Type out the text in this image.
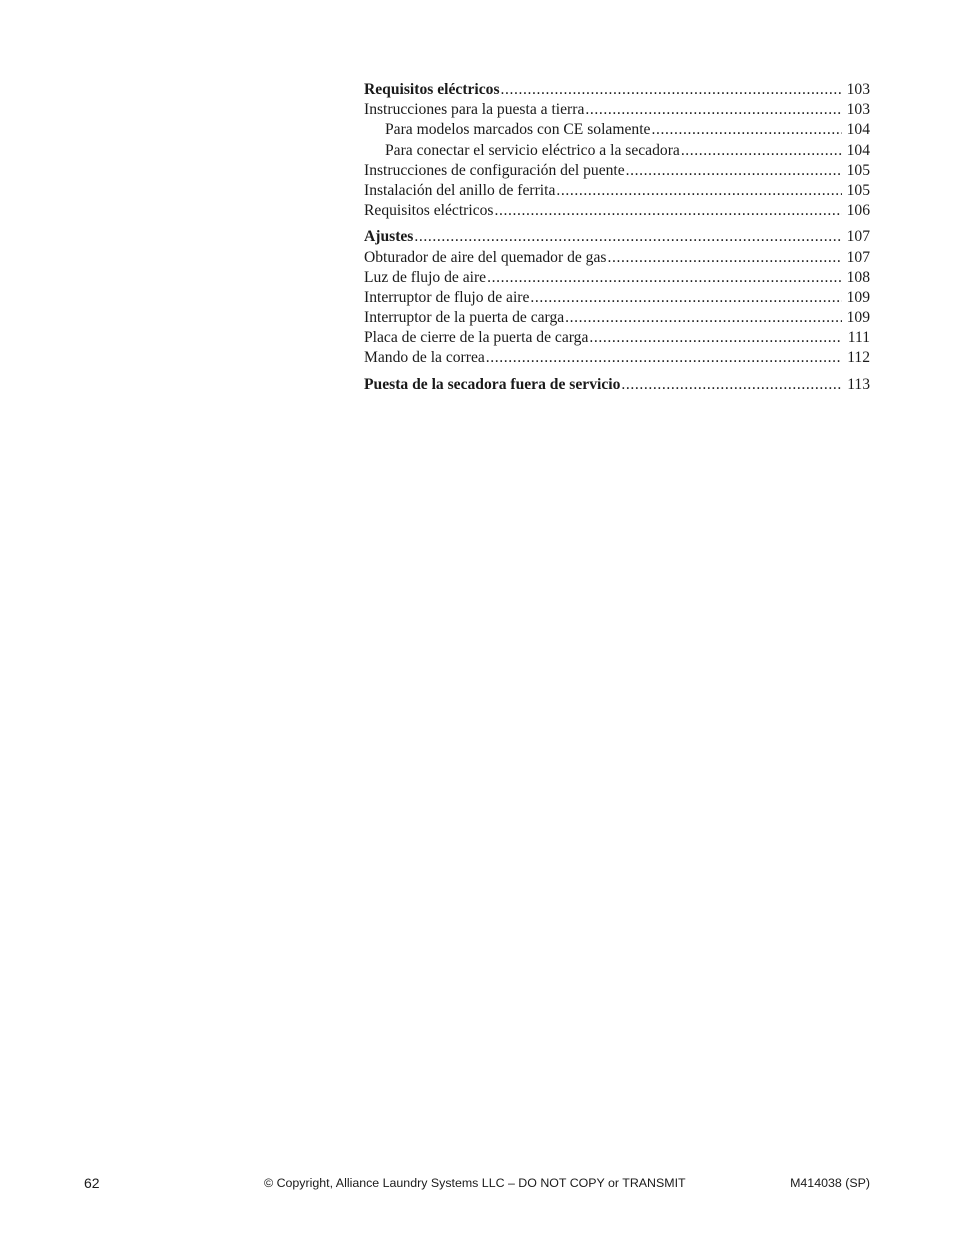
Requisitos eléctricos .....	103
Instrucciones para la puesta a tierra .....	103
Para modelos marcados con CE solamente .....	104
Para conectar el servicio eléctrico a la secadora .....	104
Instrucciones de configuración del puente .....	105
Instalación del anillo de ferrita .....	105
Requisitos eléctricos .....	106
Ajustes .....	107
Obturador de aire del quemador de gas .....	107
Luz de flujo de aire .....	108
Interruptor de flujo de aire .....	109
Interruptor de la puerta de carga .....	109
Placa de cierre de la puerta de carga .....	111
Mando de la correa .....	112
Puesta de la secadora fuera de servicio .....	113
62	© Copyright, Alliance Laundry Systems LLC – DO NOT COPY or TRANSMIT	M414038 (SP)
